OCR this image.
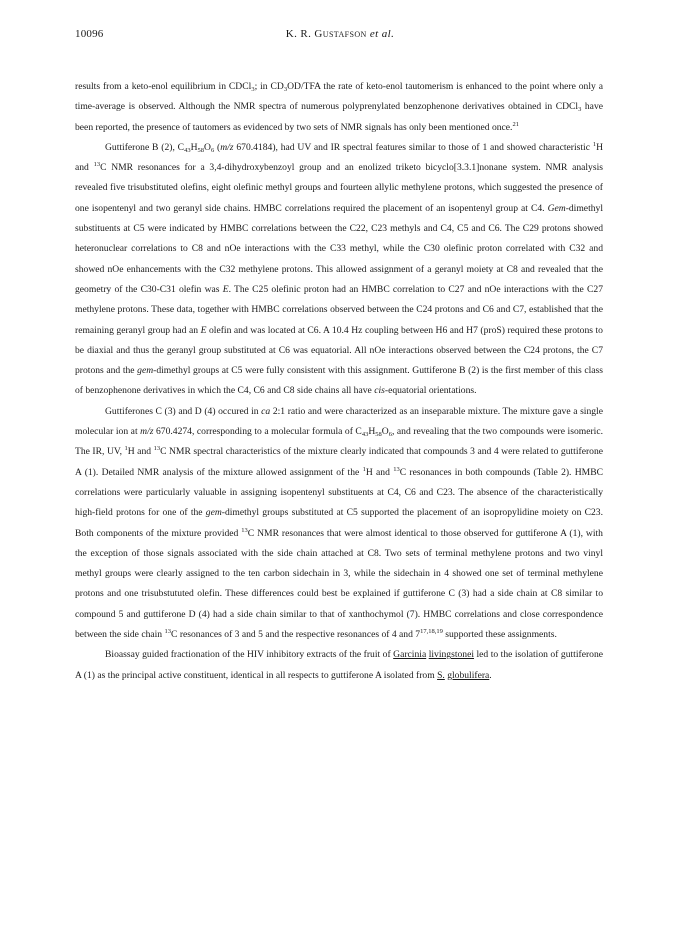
10096	K. R. Gustafson et al.

results from a keto-enol equilibrium in CDCl$_3$; in $CD_3OD$/TFA the rate of keto-enol tautomerism is enhanced to the point where only a time-average is observed. Although the NMR spectra of numerous polyprenylated benzophenone derivatives obtained in CDCl$_3$ have been reported, the presence of tautomers as evidenced by two sets of NMR signals has only been mentioned once.$^{21}$

Guttiferone B (2), $C_{43}H_{58}O_6$ (m/z 670.4184), had UV and IR spectral features similar to those of 1 and showed characteristic $^1$H and $^{13}$C NMR resonances for a 3,4-dihydroxybenzoyl group and an enolized triketo bicyclo[3.3.1]nonane system. NMR analysis revealed five trisubstituted olefins, eight olefinic methyl groups and fourteen allylic methylene protons, which suggested the presence of one isopentenyl and two geranyl side chains. HMBC correlations required the placement of an isopentenyl group at C4. Gem-dimethyl substituents at C5 were indicated by HMBC correlations between the C22, C23 methyls and C4, C5 and C6. The C29 protons showed heteronuclear correlations to C8 and nOe interactions with the C33 methyl, while the C30 olefinic proton correlated with C32 and showed nOe enhancements with the C32 methylene protons. This allowed assignment of a geranyl moiety at C8 and revealed that the geometry of the C30-C31 olefin was E. The C25 olefinic proton had an HMBC correlation to C27 and nOe interactions with the C27 methylene protons. These data, together with HMBC correlations observed between the C24 protons and C6 and C7, established that the remaining geranyl group had an E olefin and was located at C6. A 10.4 Hz coupling between H6 and H7 (proS) required these protons to be diaxial and thus the geranyl group substituted at C6 was equatorial. All nOe interactions observed between the C24 protons, the C7 protons and the gem-dimethyl groups at C5 were fully consistent with this assignment. Guttiferone B (2) is the first member of this class of benzophenone derivatives in which the C4, C6 and C8 side chains all have cis-equatorial orientations.

Guttiferones C (3) and D (4) occured in ca 2:1 ratio and were characterized as an inseparable mixture. The mixture gave a single molecular ion at m/z 670.4274, corresponding to a molecular formula of $C_{43}H_{58}O_6$, and revealing that the two compounds were isomeric. The IR, UV, $^1$H and $^{13}$C NMR spectral characteristics of the mixture clearly indicated that compounds 3 and 4 were related to guttiferone A (1). Detailed NMR analysis of the mixture allowed assignment of the $^1$H and $^{13}$C resonances in both compounds (Table 2). HMBC correlations were particularly valuable in assigning isopentenyl substituents at C4, C6 and C23. The absence of the characteristically high-field protons for one of the gem-dimethyl groups substituted at C5 supported the placement of an isopropylidine moiety on C23. Both components of the mixture provided $^{13}$C NMR resonances that were almost identical to those observed for guttiferone A (1), with the exception of those signals associated with the side chain attached at C8. Two sets of terminal methylene protons and two vinyl methyl groups were clearly assigned to the ten carbon sidechain in 3, while the sidechain in 4 showed one set of terminal methylene protons and one trisubstututed olefin. These differences could best be explained if guttiferone C (3) had a side chain at C8 similar to compound 5 and guttiferone D (4) had a side chain similar to that of xanthochymol (7). HMBC correlations and close correspondence between the side chain $^{13}$C resonances of 3 and 5 and the respective resonances of 4 and 7$^{17,18,19}$ supported these assignments.

Bioassay guided fractionation of the HIV inhibitory extracts of the fruit of Garcinia livingstonei led to the isolation of guttiferone A (1) as the principal active constituent, identical in all respects to guttiferone A isolated from S. globulifera.
